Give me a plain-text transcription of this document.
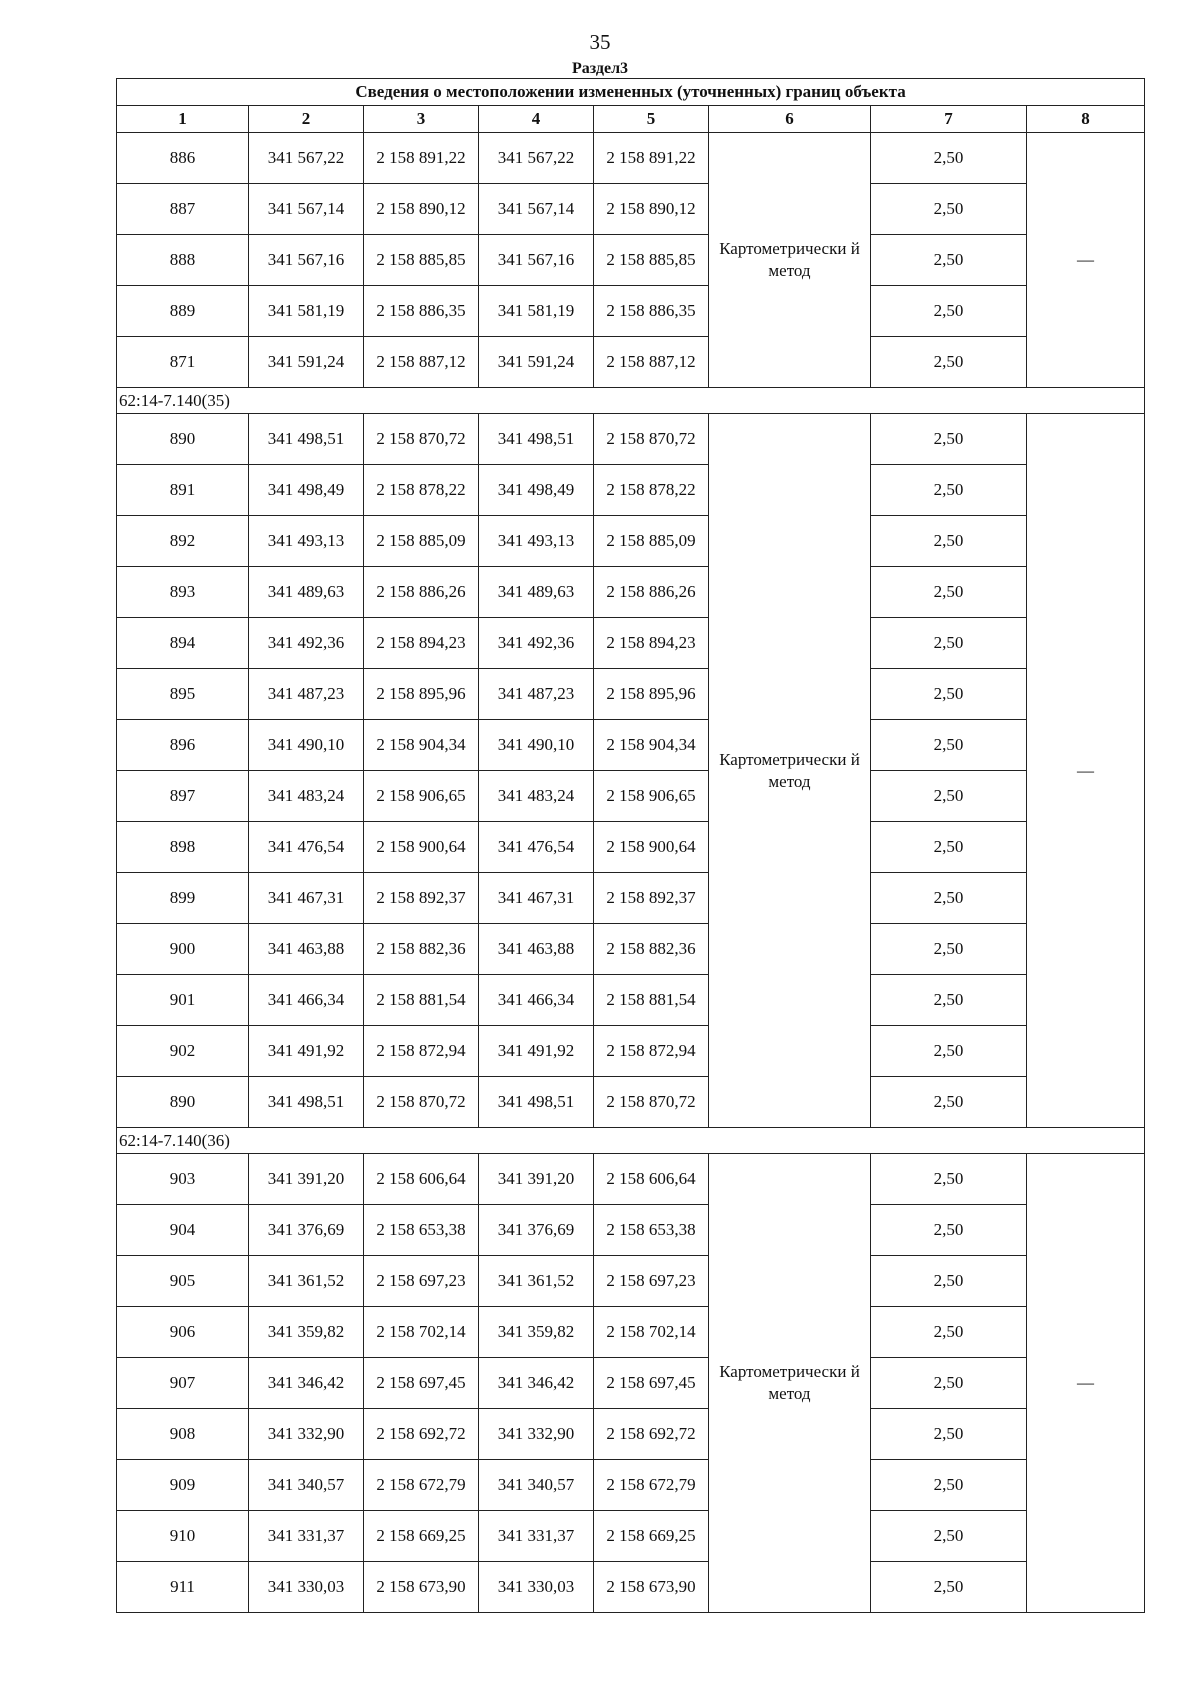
35
Раздел3
Сведения о местоположении измененных (уточненных) границ объекта							
1	2	3	4	5	6	7	8
886	341 567,22	2 158 891,22	341 567,22	2 158 891,22	Картометрически й метод	2,50	—
887	341 567,14	2 158 890,12	341 567,14	2 158 890,12		2,50	
888	341 567,16	2 158 885,85	341 567,16	2 158 885,85		2,50	
889	341 581,19	2 158 886,35	341 581,19	2 158 886,35		2,50	
871	341 591,24	2 158 887,12	341 591,24	2 158 887,12		2,50	
62:14-7.140(35)							
890	341 498,51	2 158 870,72	341 498,51	2 158 870,72	Картометрически й метод	2,50	—
891	341 498,49	2 158 878,22	341 498,49	2 158 878,22		2,50	
892	341 493,13	2 158 885,09	341 493,13	2 158 885,09		2,50	
893	341 489,63	2 158 886,26	341 489,63	2 158 886,26		2,50	
894	341 492,36	2 158 894,23	341 492,36	2 158 894,23		2,50	
895	341 487,23	2 158 895,96	341 487,23	2 158 895,96		2,50	
896	341 490,10	2 158 904,34	341 490,10	2 158 904,34		2,50	
897	341 483,24	2 158 906,65	341 483,24	2 158 906,65		2,50	
898	341 476,54	2 158 900,64	341 476,54	2 158 900,64		2,50	
899	341 467,31	2 158 892,37	341 467,31	2 158 892,37		2,50	
900	341 463,88	2 158 882,36	341 463,88	2 158 882,36		2,50	
901	341 466,34	2 158 881,54	341 466,34	2 158 881,54		2,50	
902	341 491,92	2 158 872,94	341 491,92	2 158 872,94		2,50	
890	341 498,51	2 158 870,72	341 498,51	2 158 870,72		2,50	
62:14-7.140(36)							
903	341 391,20	2 158 606,64	341 391,20	2 158 606,64	Картометрически й метод	2,50	—
904	341 376,69	2 158 653,38	341 376,69	2 158 653,38		2,50	
905	341 361,52	2 158 697,23	341 361,52	2 158 697,23		2,50	
906	341 359,82	2 158 702,14	341 359,82	2 158 702,14		2,50	
907	341 346,42	2 158 697,45	341 346,42	2 158 697,45		2,50	
908	341 332,90	2 158 692,72	341 332,90	2 158 692,72		2,50	
909	341 340,57	2 158 672,79	341 340,57	2 158 672,79		2,50	
910	341 331,37	2 158 669,25	341 331,37	2 158 669,25		2,50	
911	341 330,03	2 158 673,90	341 330,03	2 158 673,90		2,50	
